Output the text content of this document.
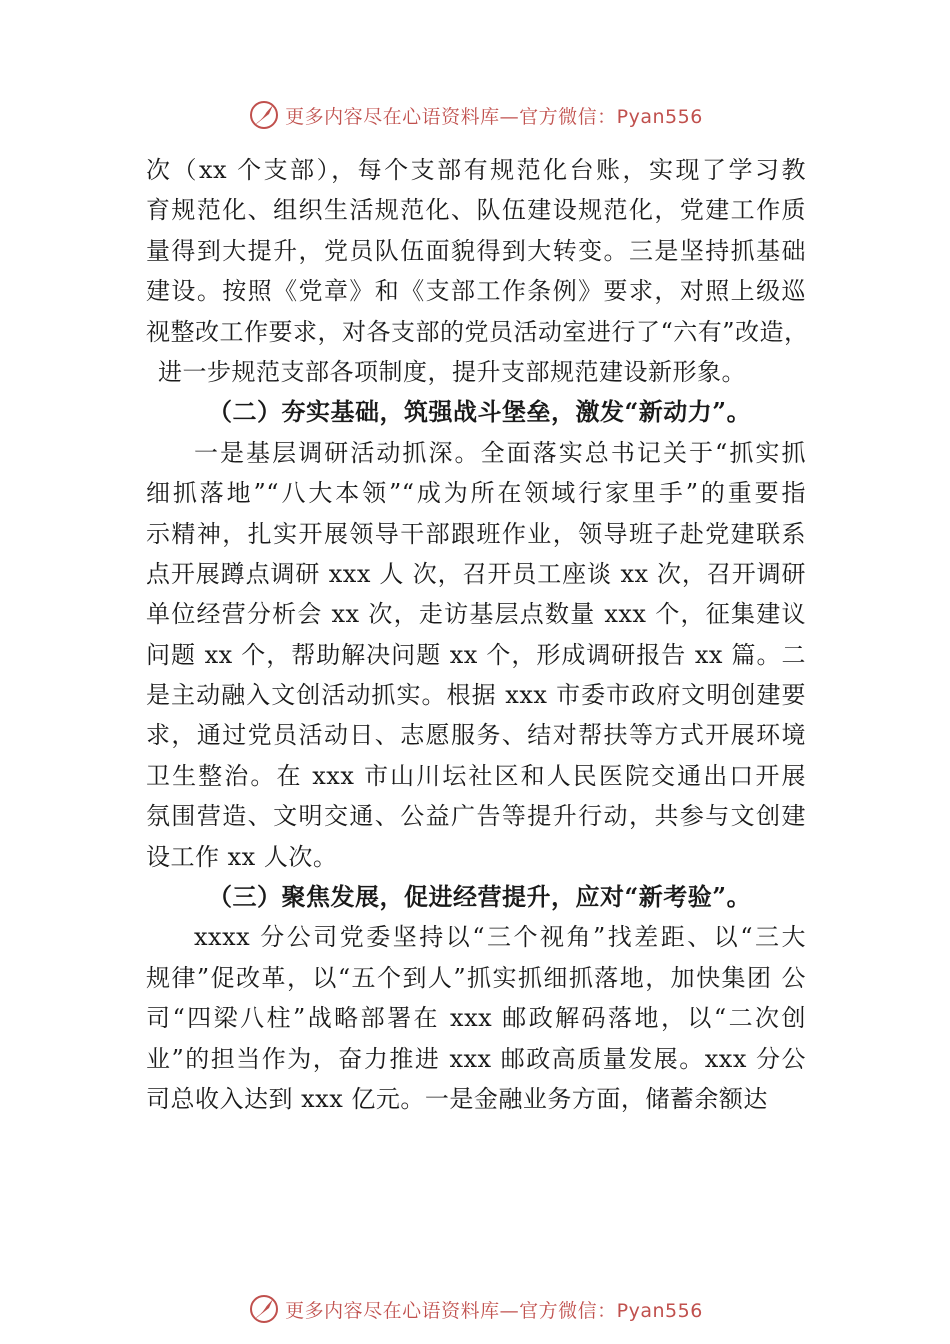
更多内容尽在心语资料库—官方微信：Pyan556
次（xx 个支部），每个支部有规范化台账，实现了学习教
育规范化、组织生活规范化、队伍建设规范化，党建工作质
量得到大提升，党员队伍面貌得到大转变。三是坚持抓基础
建设。按照《党章》和《支部工作条例》要求，对照上级巡
视整改工作要求，对各支部的党员活动室进行了“六有”改造，
进一步规范支部各项制度，提升支部规范建设新形象。
（二）夯实基础，筑强战斗堡垒，激发“新动力”。
一是基层调研活动抓深。全面落实总书记关于“抓实抓
细抓落地”“八大本领”“成为所在领域行家里手”的重要指
示精神，扎实开展领导干部跟班作业，领导班子赴党建联系
点开展蹲点调研 xxx 人 次，召开员工座谈 xx 次，召开调研
单位经营分析会 xx 次，走访基层点数量 xxx 个，征集建议
问题 xx 个，帮助解决问题 xx 个，形成调研报告 xx 篇。二
是主动融入文创活动抓实。根据 xxx 市委市政府文明创建要
求，通过党员活动日、志愿服务、结对帮扶等方式开展环境
卫生整治。在 xxx 市山川坛社区和人民医院交通出口开展
氛围营造、文明交通、公益广告等提升行动，共参与文创建
设工作 xx 人次。
（三）聚焦发展，促进经营提升，应对“新考验”。
xxxx 分公司党委坚持以“三个视角”找差距、以“三大
规律”促改革，以“五个到人”抓实抓细抓落地，加快集团 公
司“四梁八柱”战略部署在 xxx 邮政解码落地，以“二次创
业”的担当作为，奋力推进 xxx 邮政高质量发展。xxx 分公
司总收入达到 xxx 亿元。一是金融业务方面，储蓄余额达
更多内容尽在心语资料库—官方微信：Pyan556
